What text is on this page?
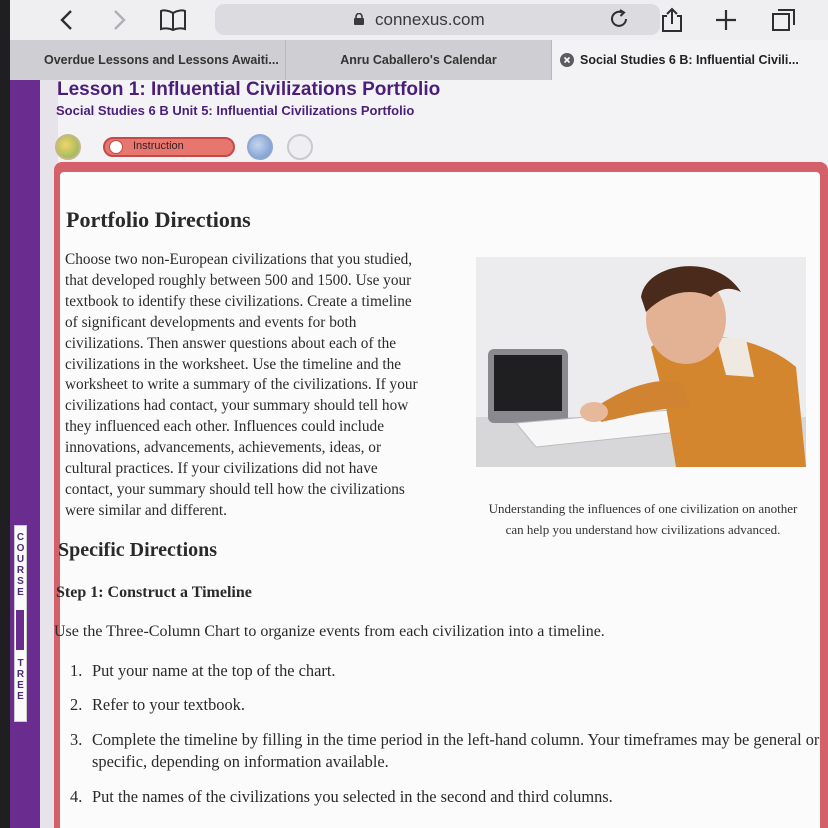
connexus.com
Overdue Lessons and Lessons Awaiti...	Anru Caballero's Calendar	Social Studies 6 B: Influential Civili...
C
O
U
R
S
E
T
R
E
E
Lesson 1: Influential Civilizations Portfolio
Social Studies 6 B Unit 5: Influential Civilizations Portfolio
Instruction
Portfolio Directions
Choose two non-European civilizations that you studied,
that developed roughly between 500 and 1500. Use your
textbook to identify these civilizations. Create a timeline
of significant developments and events for both
civilizations. Then answer questions about each of the
civilizations in the worksheet. Use the timeline and the
worksheet to write a summary of the civilizations. If your
civilizations had contact, your summary should tell how
they influenced each other. Influences could include
innovations, advancements, achievements, ideas, or
cultural practices. If your civilizations did not have
contact, your summary should tell how the civilizations
were similar and different.	Understanding the influences of one civilization on another
can help you understand how civilizations advanced.
Specific Directions
Step 1: Construct a Timeline
Use the Three-Column Chart to organize events from each civilization into a timeline.
1. Put your name at the top of the chart.
2. Refer to your textbook.
3. Complete the timeline by filling in the time period in the left-hand column. Your timeframes may be general or specific, depending on information available.
4. Put the names of the civilizations you selected in the second and third columns.
